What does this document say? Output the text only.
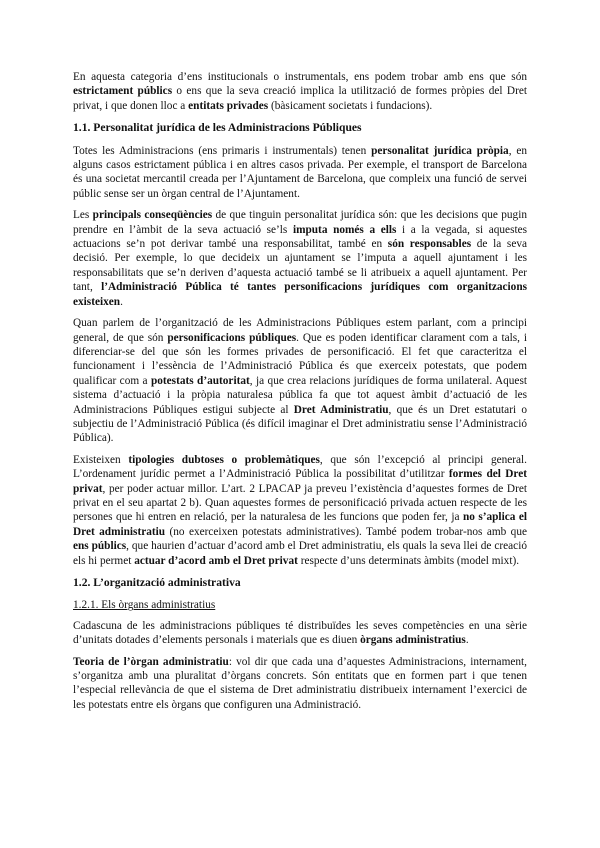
En aquesta categoria d’ens institucionals o instrumentals, ens podem trobar amb ens que són estrictament públics o ens que la seva creació implica la utilització de formes pròpies del Dret privat, i que donen lloc a entitats privades (bàsicament societats i fundacions).

1.1. Personalitat jurídica de les Administracions Públiques

Totes les Administracions (ens primaris i instrumentals) tenen personalitat jurídica pròpia, en alguns casos estrictament pública i en altres casos privada. Per exemple, el transport de Barcelona és una societat mercantil creada per l’Ajuntament de Barcelona, que compleix una funció de servei públic sense ser un òrgan central de l’Ajuntament.

Les principals conseqüències de que tinguin personalitat jurídica són: que les decisions que pugin prendre en l’àmbit de la seva actuació se’ls imputa només a ells i a la vegada, si aquestes actuacions se’n pot derivar també una responsabilitat, també en són responsables de la seva decisió. Per exemple, lo que decideix un ajuntament se l’imputa a aquell ajuntament i les responsabilitats que se’n deriven d’aquesta actuació també se li atribueix a aquell ajuntament. Per tant, l’Administració Pública té tantes personificacions jurídiques com organitzacions existeixen.

Quan parlem de l’organització de les Administracions Públiques estem parlant, com a principi general, de que són personificacions públiques. Que es poden identificar clarament com a tals, i diferenciar-se del que són les formes privades de personificació. El fet que caracteritza el funcionament i l’essència de l’Administració Pública és que exerceix potestats, que podem qualificar com a potestats d’autoritat, ja que crea relacions jurídiques de forma unilateral. Aquest sistema d’actuació i la pròpia naturalesa pública fa que tot aquest àmbit d’actuació de les Administracions Públiques estigui subjecte al Dret Administratiu, que és un Dret estatutari o subjectiu de l’Administració Pública (és difícil imaginar el Dret administratiu sense l’Administració Pública).

Existeixen tipologies dubtoses o problemàtiques, que són l’excepció al principi general. L’ordenament jurídic permet a l’Administració Pública la possibilitat d’utilitzar formes del Dret privat, per poder actuar millor. L’art. 2 LPACAP ja preveu l’existència d’aquestes formes de Dret privat en el seu apartat 2 b). Quan aquestes formes de personificació privada actuen respecte de les persones que hi entren en relació, per la naturalesa de les funcions que poden fer, ja no s’aplica el Dret administratiu (no exerceixen potestats administratives). També podem trobar-nos amb que ens públics, que haurien d’actuar d’acord amb el Dret administratiu, els quals la seva llei de creació els hi permet actuar d’acord amb el Dret privat respecte d’uns determinats àmbits (model mixt).

1.2. L’organització administrativa
1.2.1. Els òrgans administratius

Cadascuna de les administracions públiques té distribuïdes les seves competències en una sèrie d’unitats dotades d’elements personals i materials que es diuen òrgans administratius.

Teoria de l’òrgan administratiu: vol dir que cada una d’aquestes Administracions, internament, s’organitza amb una pluralitat d’òrgans concrets. Són entitats que en formen part i que tenen l’especial rellevància de que el sistema de Dret administratiu distribueix internament l’exercici de les potestats entre els òrgans que configuren una Administració.
